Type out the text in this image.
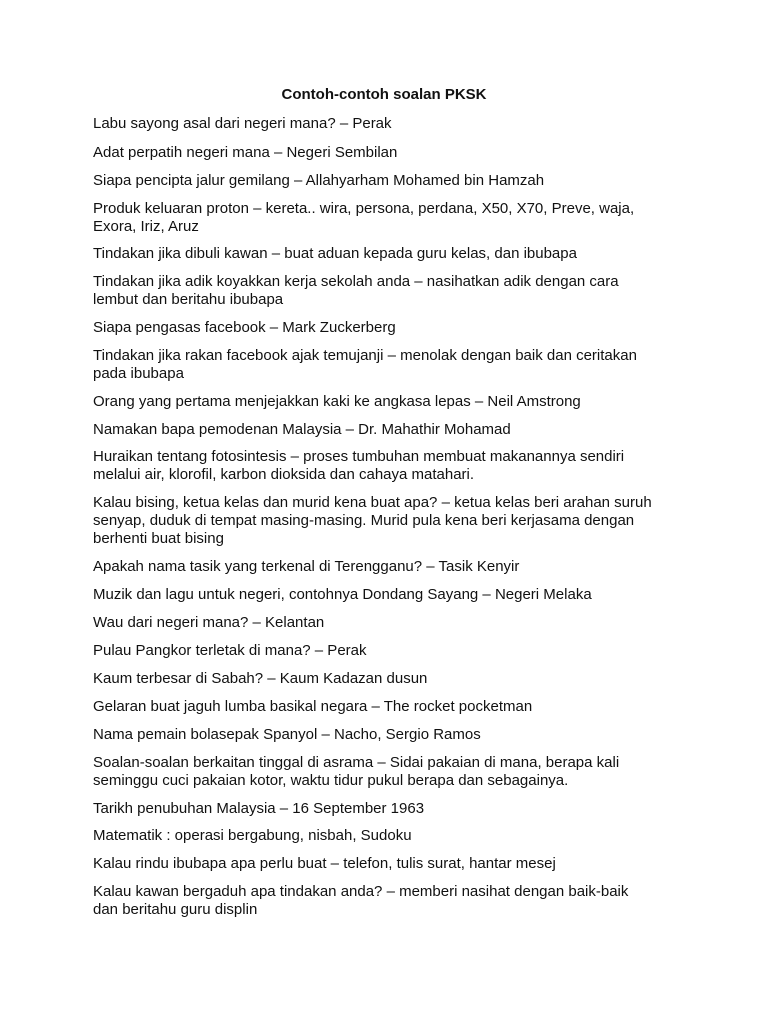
Contoh-contoh soalan PKSK

Labu sayong asal dari negeri mana? – Perak

Adat perpatih negeri mana – Negeri Sembilan

Siapa pencipta jalur gemilang – Allahyarham Mohamed bin Hamzah

Produk keluaran proton – kereta.. wira, persona, perdana, X50, X70, Preve, waja,

Exora, Iriz, Aruz

Tindakan jika dibuli kawan – buat aduan kepada guru kelas, dan ibubapa

Tindakan jika adik koyakkan kerja sekolah anda – nasihatkan adik dengan cara

lembut dan beritahu ibubapa

Siapa pengasas facebook – Mark Zuckerberg

Tindakan jika rakan facebook ajak temujanji – menolak dengan baik dan ceritakan

pada ibubapa

Orang yang pertama menjejakkan kaki ke angkasa lepas – Neil Amstrong

Namakan bapa pemodenan Malaysia – Dr. Mahathir Mohamad

Huraikan tentang fotosintesis – proses tumbuhan membuat makanannya sendiri

melalui air, klorofil, karbon dioksida dan cahaya matahari.

Kalau bising, ketua kelas dan murid kena buat apa? – ketua kelas beri arahan suruh

senyap, duduk di tempat masing-masing. Murid pula kena beri kerjasama dengan

berhenti buat bising

Apakah nama tasik yang terkenal di Terengganu? – Tasik Kenyir

Muzik dan lagu untuk negeri, contohnya Dondang Sayang – Negeri Melaka

Wau dari negeri mana? – Kelantan

Pulau Pangkor terletak di mana? – Perak

Kaum terbesar di Sabah? – Kaum Kadazan dusun

Gelaran buat jaguh lumba basikal negara – The rocket pocketman

Nama pemain bolasepak Spanyol – Nacho, Sergio Ramos

Soalan-soalan berkaitan tinggal di asrama – Sidai pakaian di mana, berapa kali

seminggu cuci pakaian kotor, waktu tidur pukul berapa dan sebagainya.

Tarikh penubuhan Malaysia – 16 September 1963

Matematik : operasi bergabung, nisbah, Sudoku

Kalau rindu ibubapa apa perlu buat – telefon, tulis surat, hantar mesej

Kalau kawan bergaduh apa tindakan anda? – memberi nasihat dengan baik-baik

dan beritahu guru displin
